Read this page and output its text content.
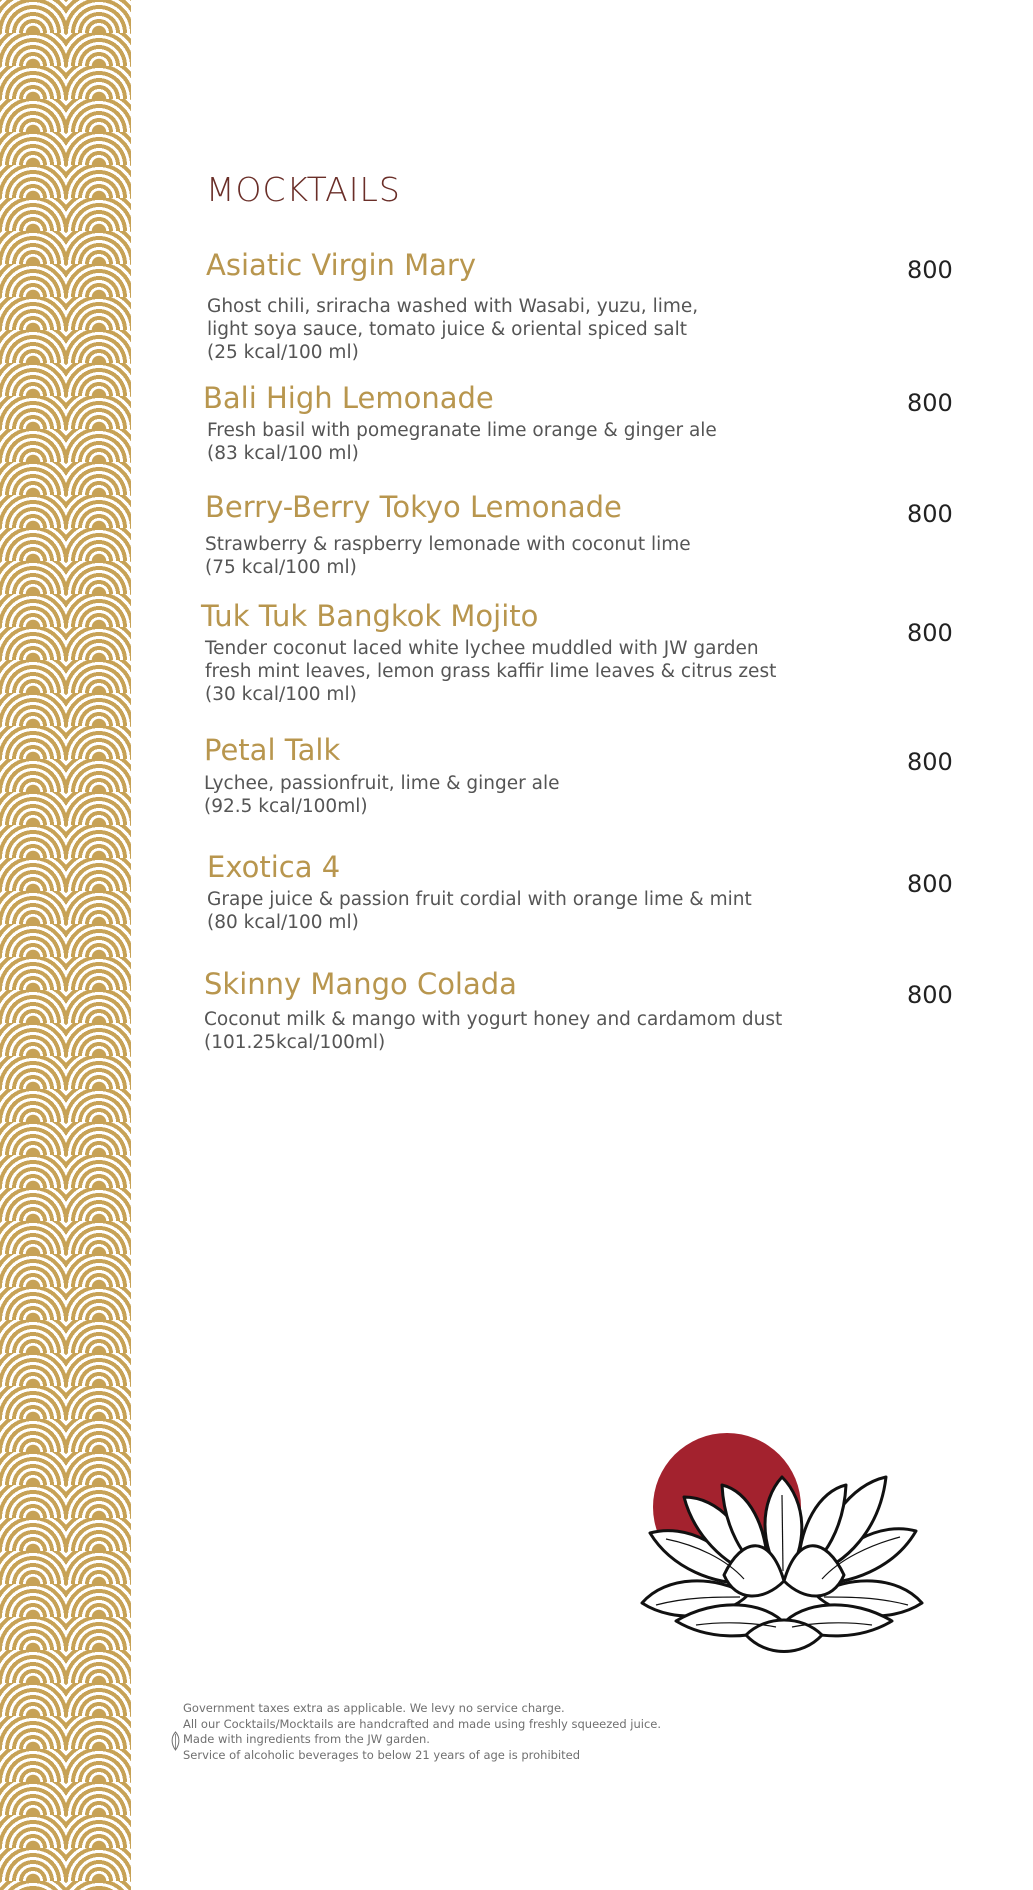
MOCKTAILS
Asiatic Virgin Mary	800
Ghost chili, sriracha washed with Wasabi, yuzu, lime,
light soya sauce, tomato juice & oriental spiced salt
(25 kcal/100 ml)
Bali High Lemonade	800
Fresh basil with pomegranate lime orange & ginger ale
(83 kcal/100 ml)
Berry-Berry Tokyo Lemonade	800
Strawberry & raspberry lemonade with coconut lime
(75 kcal/100 ml)
Tuk Tuk Bangkok Mojito	800
Tender coconut laced white lychee muddled with JW garden
fresh mint leaves, lemon grass kaffir lime leaves & citrus zest
(30 kcal/100 ml)
Petal Talk	800
Lychee, passionfruit, lime & ginger ale
(92.5 kcal/100ml)
Exotica 4	800
Grape juice & passion fruit cordial with orange lime & mint
(80 kcal/100 ml)
Skinny Mango Colada	800
Coconut milk & mango with yogurt honey and cardamom dust
(101.25kcal/100ml)
Government taxes extra as applicable. We levy no service charge.
All our Cocktails/Mocktails are handcrafted and made using freshly squeezed juice.
Made with ingredients from the JW garden.
Service of alcoholic beverages to below 21 years of age is prohibited
